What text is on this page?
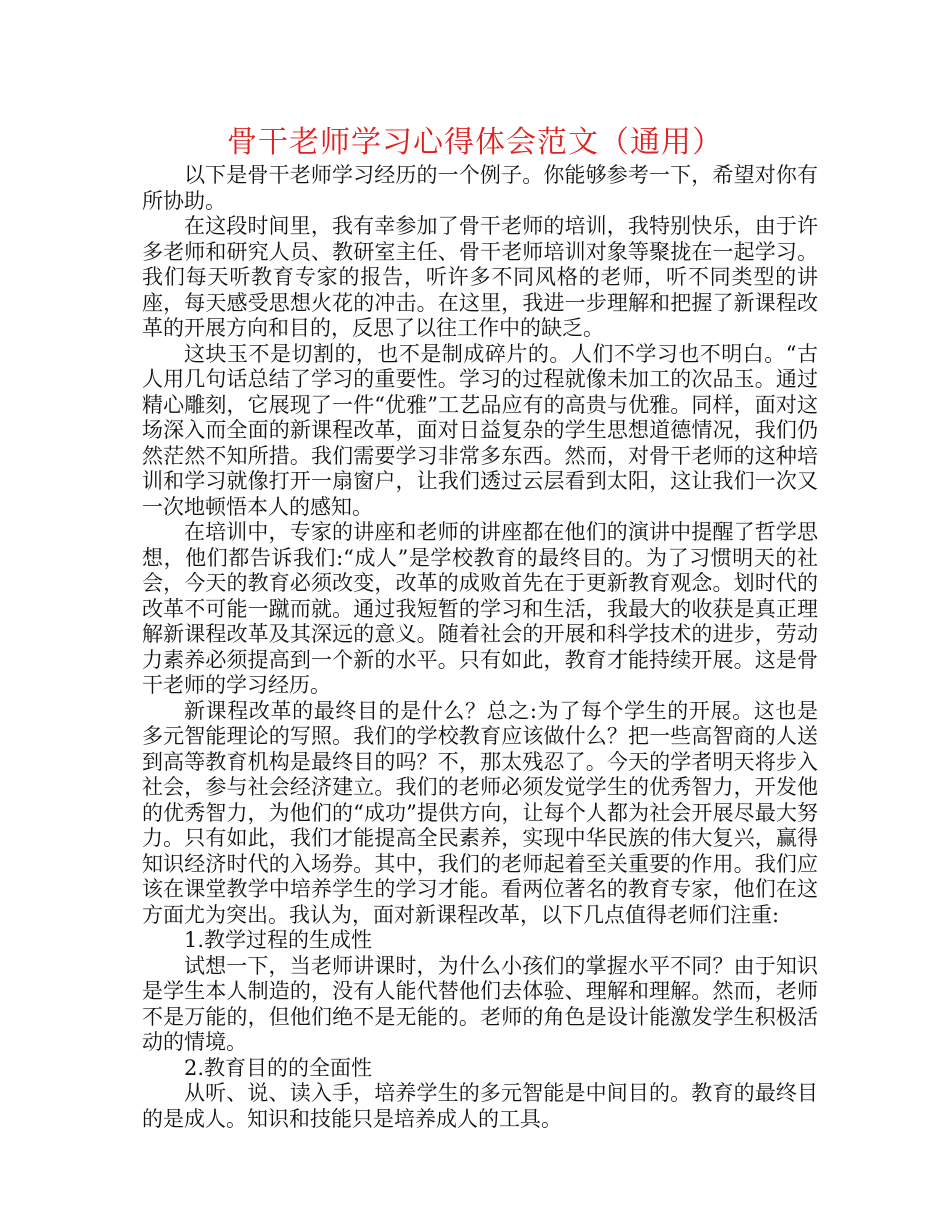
骨干老师学习心得体会范文（通用）

以下是骨干老师学习经历的一个例子。你能够参考一下，希望对你有所协助。

在这段时间里，我有幸参加了骨干老师的培训，我特别快乐，由于许多老师和研究人员、教研室主任、骨干老师培训对象等聚拢在一起学习。我们每天听教育专家的报告，听许多不同风格的老师，听不同类型的讲座，每天感受思想火花的冲击。在这里，我进一步理解和把握了新课程改革的开展方向和目的，反思了以往工作中的缺乏。

这块玉不是切割的，也不是制成碎片的。人们不学习也不明白。“古人用几句话总结了学习的重要性。学习的过程就像未加工的次品玉。通过精心雕刻，它展现了一件“优雅”工艺品应有的高贵与优雅。同样，面对这场深入而全面的新课程改革，面对日益复杂的学生思想道德情况，我们仍然茫然不知所措。我们需要学习非常多东西。然而，对骨干老师的这种培训和学习就像打开一扇窗户，让我们透过云层看到太阳，这让我们一次又一次地顿悟本人的感知。

在培训中，专家的讲座和老师的讲座都在他们的演讲中提醒了哲学思想，他们都告诉我们:“成人”是学校教育的最终目的。为了习惯明天的社会，今天的教育必须改变，改革的成败首先在于更新教育观念。划时代的改革不可能一蹴而就。通过我短暂的学习和生活，我最大的收获是真正理解新课程改革及其深远的意义。随着社会的开展和科学技术的进步，劳动力素养必须提高到一个新的水平。只有如此，教育才能持续开展。这是骨干老师的学习经历。

新课程改革的最终目的是什么？总之:为了每个学生的开展。这也是多元智能理论的写照。我们的学校教育应该做什么？把一些高智商的人送到高等教育机构是最终目的吗？不，那太残忍了。今天的学者明天将步入社会，参与社会经济建立。我们的老师必须发觉学生的优秀智力，开发他的优秀智力，为他们的“成功”提供方向，让每个人都为社会开展尽最大努力。只有如此，我们才能提高全民素养，实现中华民族的伟大复兴，赢得知识经济时代的入场券。其中，我们的老师起着至关重要的作用。我们应该在课堂教学中培养学生的学习才能。看两位著名的教育专家，他们在这方面尤为突出。我认为，面对新课程改革，以下几点值得老师们注重:

1.教学过程的生成性

试想一下，当老师讲课时，为什么小孩们的掌握水平不同？由于知识是学生本人制造的，没有人能代替他们去体验、理解和理解。然而，老师不是万能的，但他们绝不是无能的。老师的角色是设计能激发学生积极活动的情境。

2.教育目的的全面性

从听、说、读入手，培养学生的多元智能是中间目的。教育的最终目的是成人。知识和技能只是培养成人的工具。
